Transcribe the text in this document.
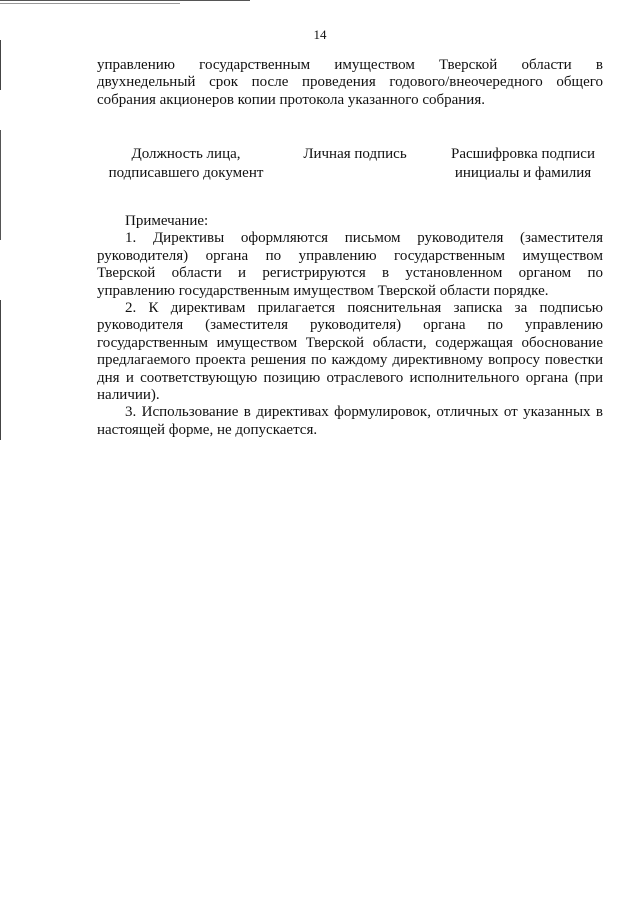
14
управлению государственным имуществом Тверской области в
двухнедельный срок после проведения годового/внеочередного общего
собрания акционеров копии протокола указанного собрания.
Должность лица,
подписавшего документ
Личная подпись	Расшифровка подписи
инициалы и фамилия
Примечание:
1. Директивы оформляются письмом руководителя (заместителя
руководителя) органа по управлению государственным имуществом
Тверской области и регистрируются в установленном органом по
управлению государственным имуществом Тверской области порядке.
2. К директивам прилагается пояснительная записка за подписью
руководителя (заместителя руководителя) органа по управлению
государственным имуществом Тверской области, содержащая обоснование
предлагаемого проекта решения по каждому директивному вопросу повестки
дня и соответствующую позицию отраслевого исполнительного органа (при
наличии).
3. Использование в директивах формулировок, отличных от указанных в
настоящей форме, не допускается.
